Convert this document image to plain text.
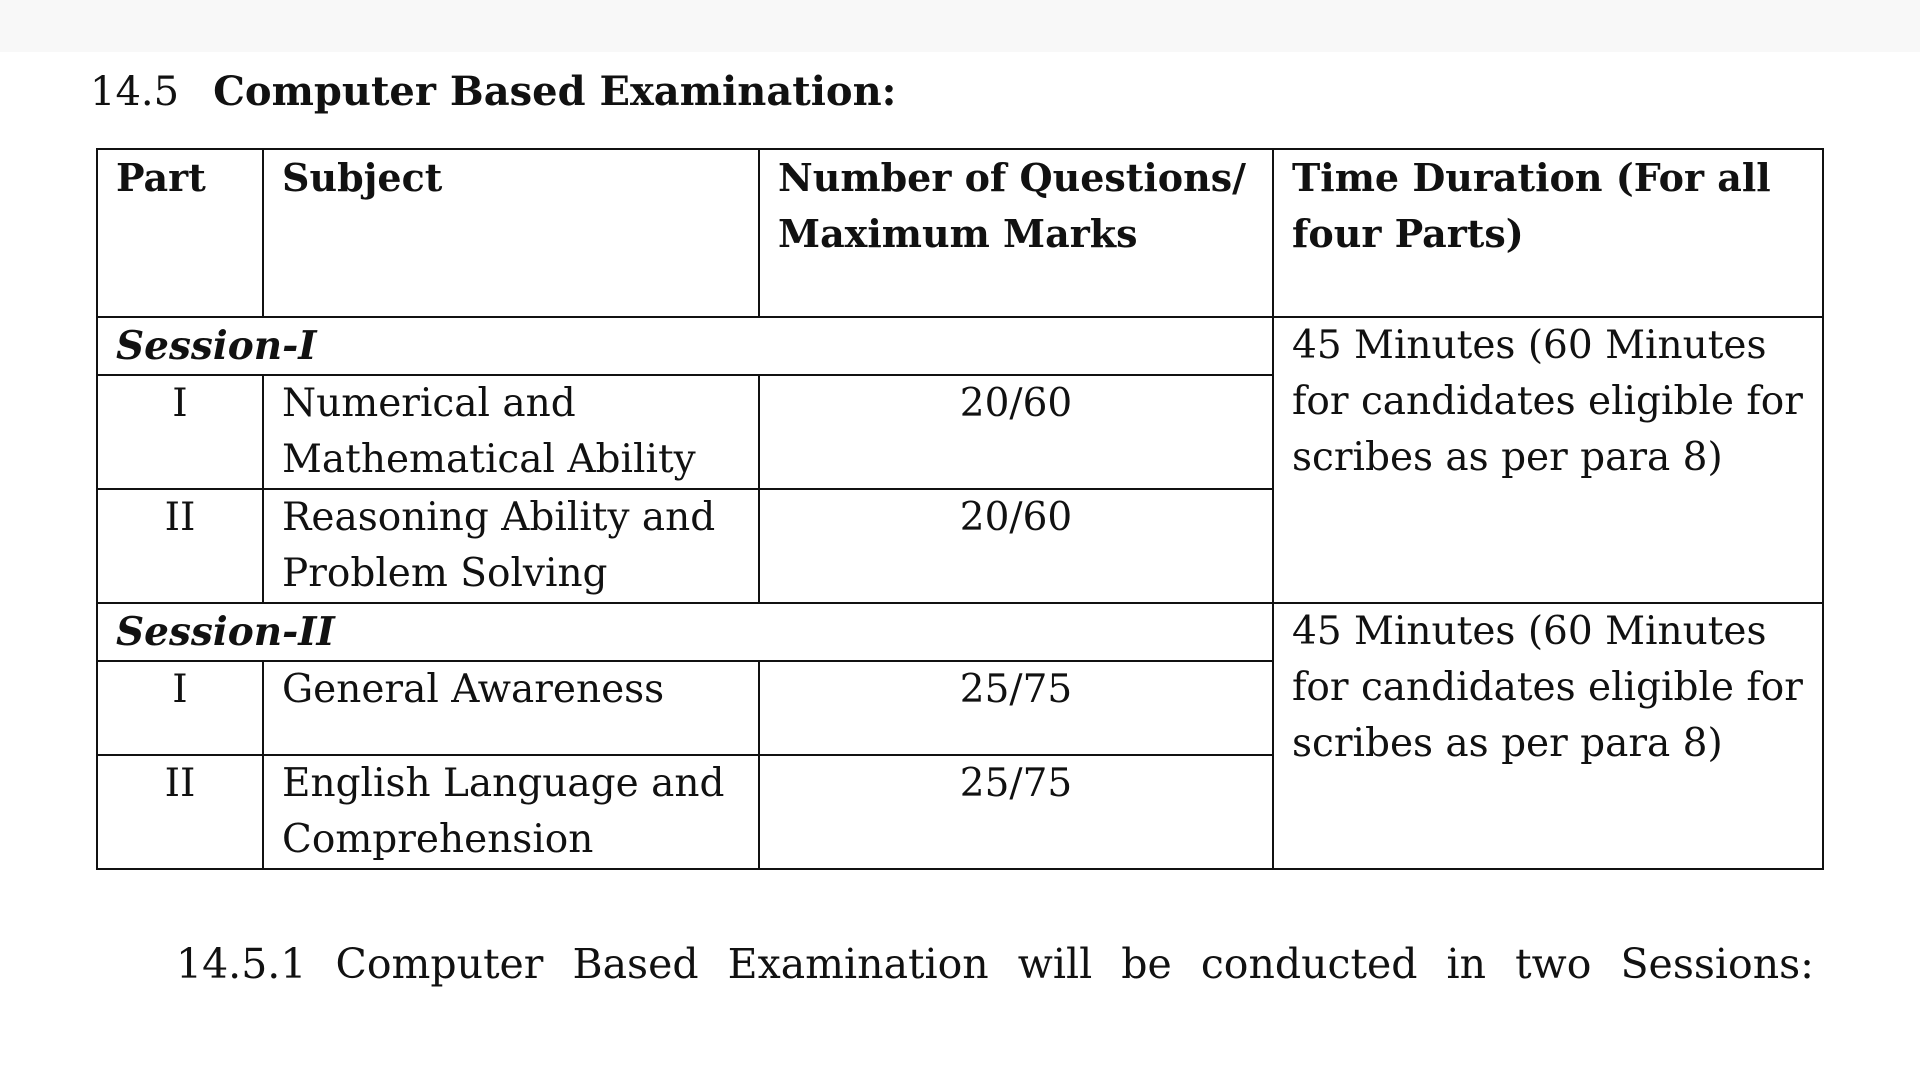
14.5 Computer Based Examination:
Part	Subject	Number of Questions/ Maximum Marks	Time Duration (For all four Parts)
Session-I			45 Minutes (60 Minutes for candidates eligible for scribes as per para 8)
I	Numerical and Mathematical Ability	20/60	
II	Reasoning Ability and Problem Solving	20/60	
Session-II			45 Minutes (60 Minutes for candidates eligible for scribes as per para 8)
I	General Awareness	25/75	
II	English Language and Comprehension	25/75	
14.5.1 Computer Based Examination will be conducted in two Sessions:
